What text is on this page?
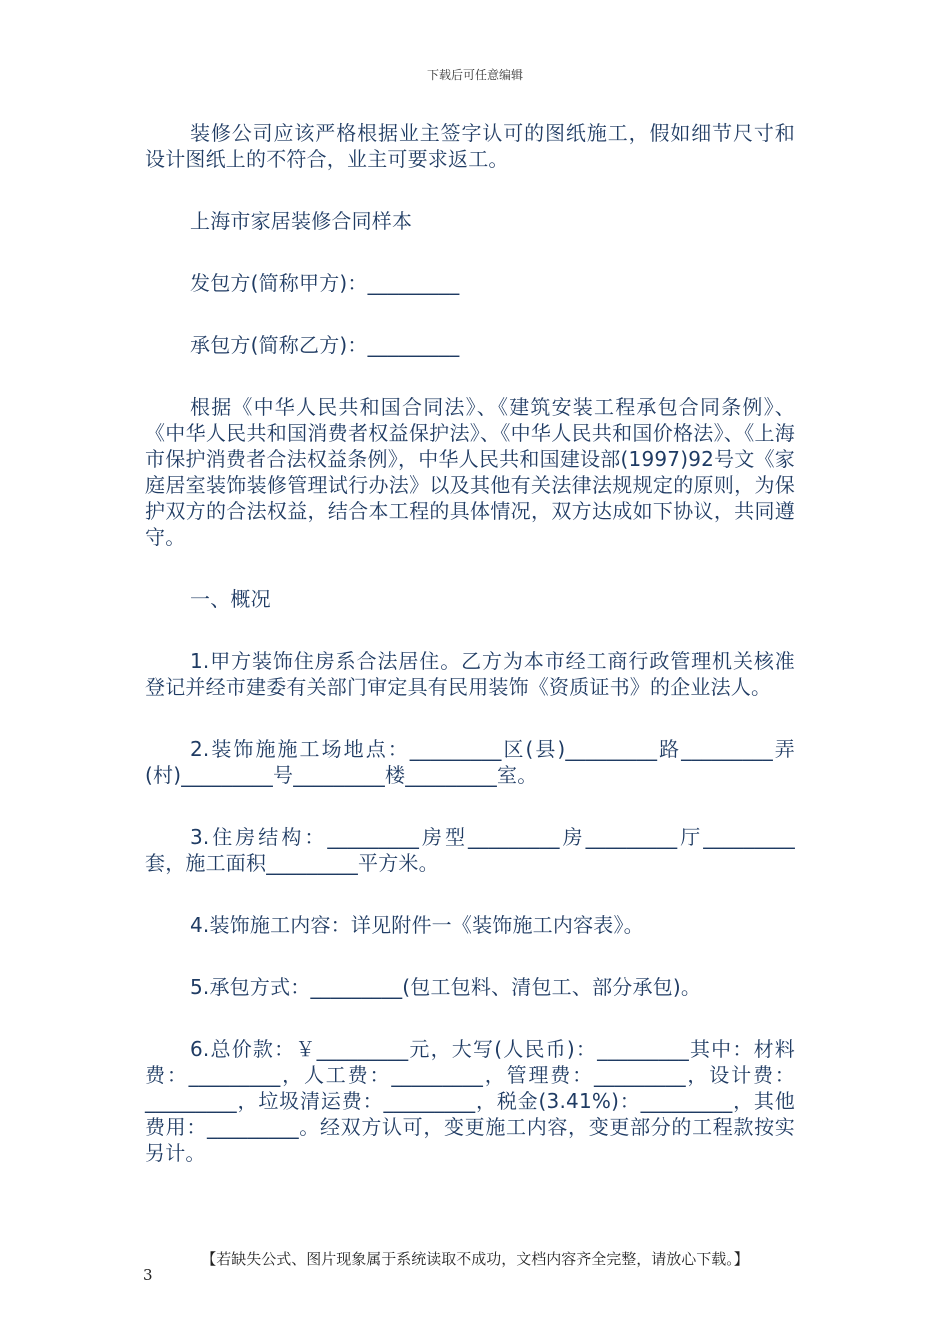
下载后可任意编辑

装修公司应该严格根据业主签字认可的图纸施工，假如细节尺寸和设计图纸上的不符合，业主可要求返工。

上海市家居装修合同样本

发包方(简称甲方)：_________

承包方(简称乙方)：_________

根据《中华人民共和国合同法》、《建筑安装工程承包合同条例》、《中华人民共和国消费者权益保护法》、《中华人民共和国价格法》、《上海市保护消费者合法权益条例》，中华人民共和国建设部(1997)92号文《家庭居室装饰装修管理试行办法》以及其他有关法律法规规定的原则，为保护双方的合法权益，结合本工程的具体情况，双方达成如下协议，共同遵守。

一、概况

1.甲方装饰住房系合法居住。乙方为本市经工商行政管理机关核准登记并经市建委有关部门审定具有民用装饰《资质证书》的企业法人。

2.装饰施施工场地点：_________区(县)_________路_________弄(村)_________号_________楼_________室。

3.住房结构：_________房型_________房_________厅_________套，施工面积_________平方米。

4.装饰施工内容：详见附件一《装饰施工内容表》。

5.承包方式：_________(包工包料、清包工、部分承包)。

6.总价款：￥_________元，大写(人民币)：_________其中：材料费：_________，人工费：_________，管理费：_________，设计费：_________，垃圾清运费：_________，税金(3.41%)：_________，其他费用：_________。经双方认可，变更施工内容，变更部分的工程款按实另计。

【若缺失公式、图片现象属于系统读取不成功，文档内容齐全完整，请放心下载。】
3
